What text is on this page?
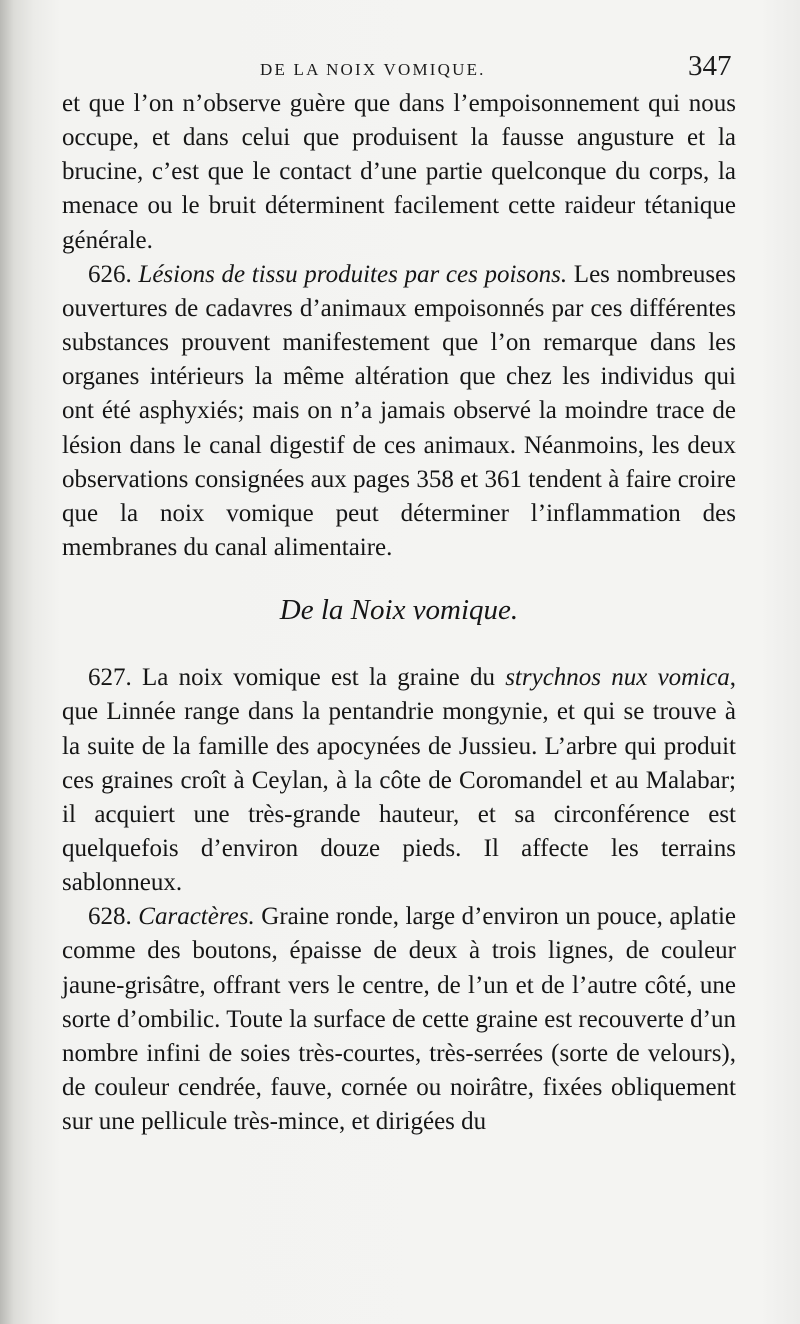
DE LA NOIX VOMIQUE.	347

et que l’on n’observe guère que dans l’empoisonnement qui nous occupe, et dans celui que produisent la fausse angusture et la brucine, c’est que le contact d’une partie quelconque du corps, la menace ou le bruit déterminent facilement cette raideur tétanique générale.

626. Lésions de tissu produites par ces poisons. Les nombreuses ouvertures de cadavres d’animaux empoisonnés par ces différentes substances prouvent manifestement que l’on remarque dans les organes intérieurs la même altération que chez les individus qui ont été asphyxiés; mais on n’a jamais observé la moindre trace de lésion dans le canal digestif de ces animaux. Néanmoins, les deux observations consignées aux pages 358 et 361 tendent à faire croire que la noix vomique peut déterminer l’inflammation des membranes du canal alimentaire.

De la Noix vomique.

627. La noix vomique est la graine du strychnos nux vomica, que Linnée range dans la pentandrie mongynie, et qui se trouve à la suite de la famille des apocynées de Jussieu. L’arbre qui produit ces graines croît à Ceylan, à la côte de Coromandel et au Malabar; il acquiert une très-grande hauteur, et sa circonférence est quelquefois d’environ douze pieds. Il affecte les terrains sablonneux.

628. Caractères. Graine ronde, large d’environ un pouce, aplatie comme des boutons, épaisse de deux à trois lignes, de couleur jaune-grisâtre, offrant vers le centre, de l’un et de l’autre côté, une sorte d’ombilic. Toute la surface de cette graine est recouverte d’un nombre infini de soies très-courtes, très-serrées (sorte de velours), de couleur cendrée, fauve, cornée ou noirâtre, fixées obliquement sur une pellicule très-mince, et dirigées du
